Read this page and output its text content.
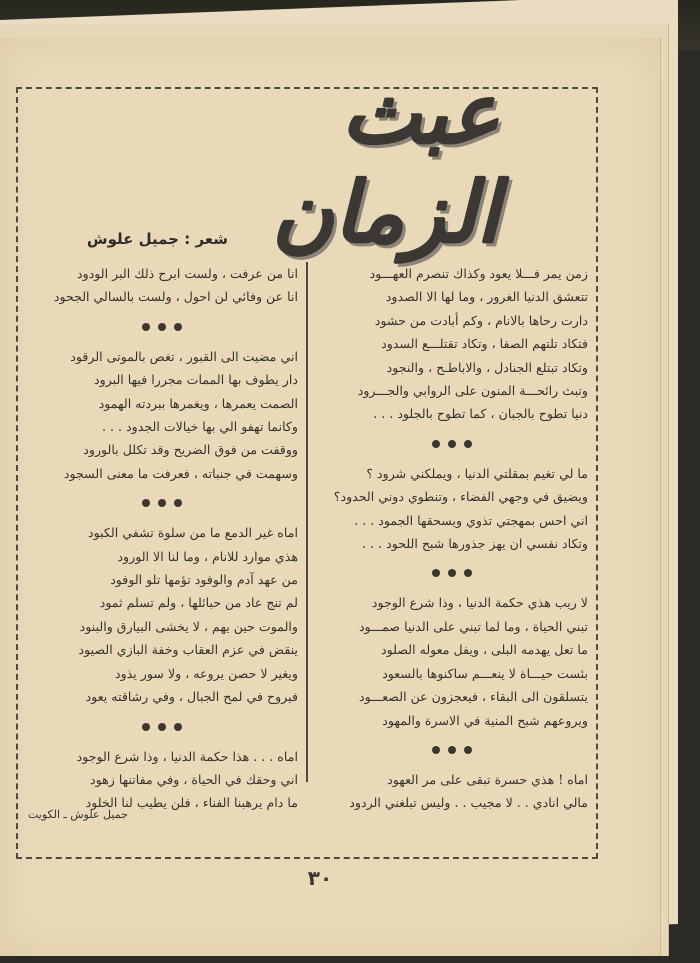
عبث الزمان
شعر : جميل علوش
زمن يمر فـــلا يعود وكذاك تنصرم العهـــود
تتعشق الدنيا الغرور ، وما لها الا الصدود
دارت رحاها بالانام ، وكم أبادت من حشود
فتكاد تلتهم الصفا ، وتكاد تقتلـــع السدود
وتكاد تبتلع الجنادل ، والاباطـح ، والنجود
وتبث رائحـــة المنون على الروابي والجـــرود
دنيا تطوح بالجبان ، كما تطوح بالجلود . . .
ما لي تغيم بمقلتي الدنيا ، ويملكني شرود ؟
ويضيق في وجهي الفضاء ، وتنطوي دوني الحدود؟
اني احس بمهجتي تذوي ويسحقها الجمود . . .
وتكاد نفسي ان يهز جذورها شبح اللحود . . .
لا ريب هذي حكمة الدنيا ، وذا شرع الوجود
تبني الحياة ، وما لما تبني على الدنيا صمـــود
ما تعل يهدمه البلى ، ويفل معوله الصلود
بئست حيـــاة لا ينعـــم ساكنوها بالسعود
يتسلقون الى البقاء ، فيعجزون عن الصعـــود
ويروعهم شبح المنية في الاسرة والمهود
اماه ! هذي حسرة تبقى على مر العهود
مالي انادي . . لا مجيب . . وليس تبلغني الردود
انا من عرفت ، ولست ابرح ذلك البر الودود
انا عن وفائي لن احول ، ولست بالسالي الجحود
اني مضيت الى القبور ، تغص بالموتى الرقود
دار يطوف بها الممات مجررا فيها البرود
الصمت يعمرها ، ويغمرها ببردته الهمود
وكانما تهفو الي بها خيالات الجدود . . .
ووقفت من فوق الضريح وقد تكلل بالورود
وسهمت في جنباته ، فعرفت ما معنى السجود
اماه غير الدمع ما من سلوة تشفي الكبود
هذي موارد للانام ، وما لنا الا الورود
من عهد آدم والوفود تؤمها تلو الوفود
لم تنج عاد من حبائلها ، ولم تسلم ثمود
والموت حين يهم ، لا يخشى البيارق والبنود
ينقض في عزم العقاب وخفة البازي الصيود
ويغير لا حصن يروعه ، ولا سور يذود
فيروح في لمح الجبال ، وفي رشاقته يعود
اماه . . . هذا حكمة الدنيا ، وذا شرع الوجود
اني وحقك في الحياة ، وفي مفاتنها زهود
ما دام يرهبنا الفناء ، فلن يطيب لنا الخلود
جميل علوش ـ الكويت
٣٠
